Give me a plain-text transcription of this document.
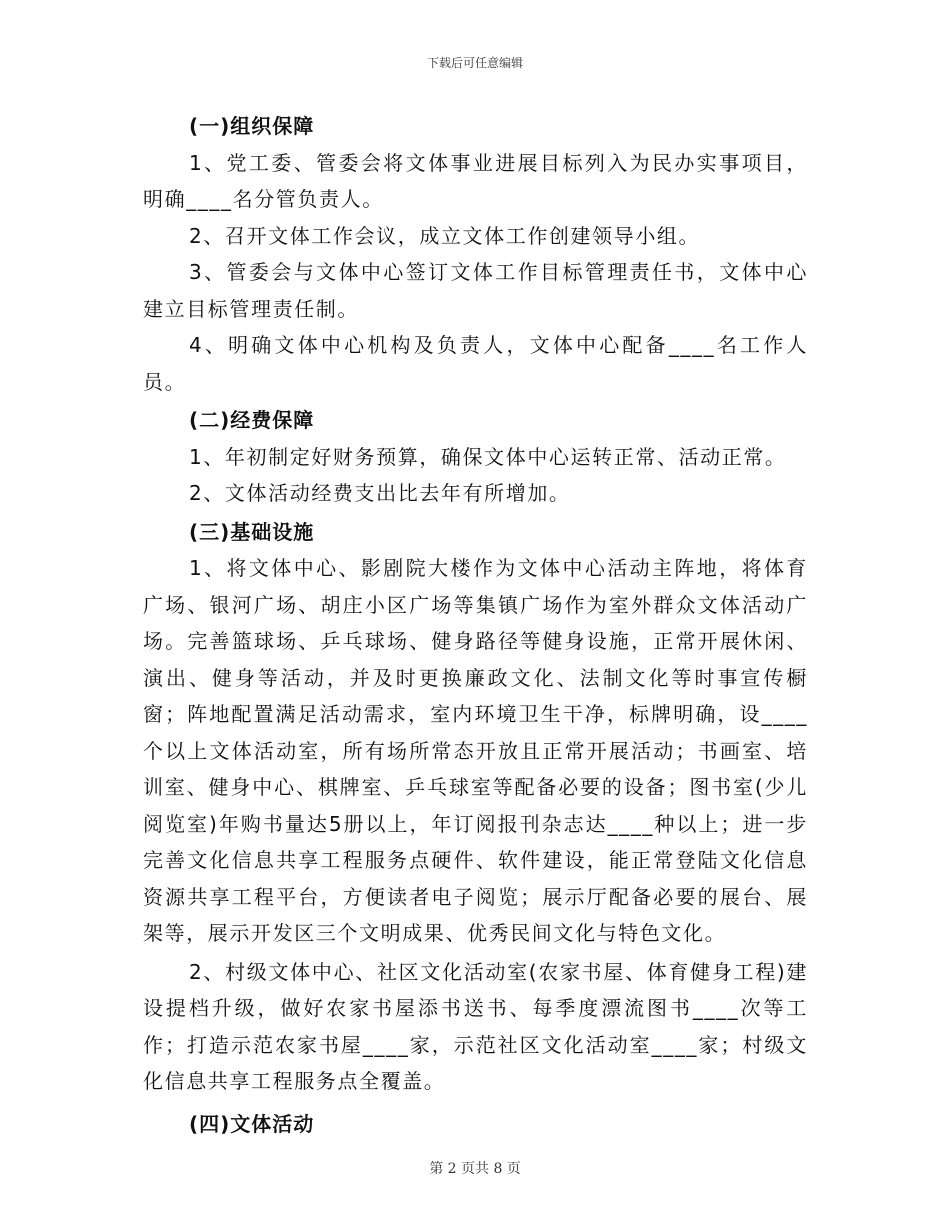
下载后可任意编辑

(一)组织保障

1、党工委、管委会将文体事业进展目标列入为民办实事项目，明确____名分管负责人。

2、召开文体工作会议，成立文体工作创建领导小组。

3、管委会与文体中心签订文体工作目标管理责任书，文体中心建立目标管理责任制。

4、明确文体中心机构及负责人，文体中心配备____名工作人员。

(二)经费保障

1、年初制定好财务预算，确保文体中心运转正常、活动正常。

2、文体活动经费支出比去年有所增加。

(三)基础设施

1、将文体中心、影剧院大楼作为文体中心活动主阵地，将体育广场、银河广场、胡庄小区广场等集镇广场作为室外群众文体活动广场。完善篮球场、乒乓球场、健身路径等健身设施，正常开展休闲、演出、健身等活动，并及时更换廉政文化、法制文化等时事宣传橱窗；阵地配置满足活动需求，室内环境卫生干净，标牌明确，设____个以上文体活动室，所有场所常态开放且正常开展活动；书画室、培训室、健身中心、棋牌室、乒乓球室等配备必要的设备；图书室(少儿阅览室)年购书量达5册以上，年订阅报刊杂志达____种以上；进一步完善文化信息共享工程服务点硬件、软件建设，能正常登陆文化信息资源共享工程平台，方便读者电子阅览；展示厅配备必要的展台、展架等，展示开发区三个文明成果、优秀民间文化与特色文化。

2、村级文体中心、社区文化活动室(农家书屋、体育健身工程)建设提档升级，做好农家书屋添书送书、每季度漂流图书____次等工作；打造示范农家书屋____家，示范社区文化活动室____家；村级文化信息共享工程服务点全覆盖。

(四)文体活动

第 2 页共 8 页
